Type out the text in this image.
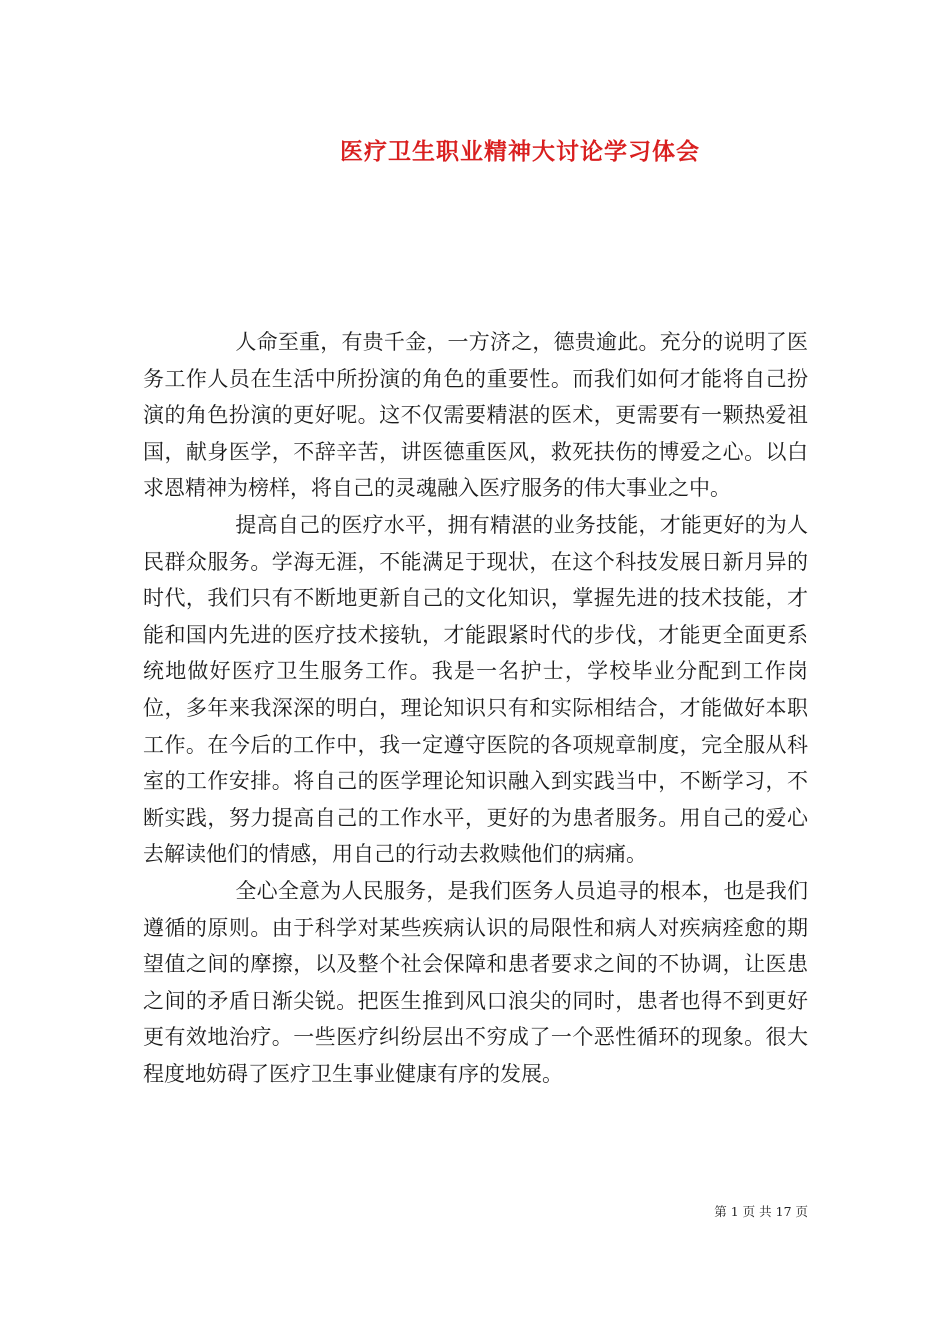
医疗卫生职业精神大讨论学习体会

人命至重，有贵千金，一方济之，德贵逾此。充分的说明了医务工作人员在生活中所扮演的角色的重要性。而我们如何才能将自己扮演的角色扮演的更好呢。这不仅需要精湛的医术，更需要有一颗热爱祖国，献身医学，不辞辛苦，讲医德重医风，救死扶伤的博爱之心。以白求恩精神为榜样，将自己的灵魂融入医疗服务的伟大事业之中。

提高自己的医疗水平，拥有精湛的业务技能，才能更好的为人民群众服务。学海无涯，不能满足于现状，在这个科技发展日新月异的时代，我们只有不断地更新自己的文化知识，掌握先进的技术技能，才能和国内先进的医疗技术接轨，才能跟紧时代的步伐，才能更全面更系统地做好医疗卫生服务工作。我是一名护士，学校毕业分配到工作岗位，多年来我深深的明白，理论知识只有和实际相结合，才能做好本职工作。在今后的工作中，我一定遵守医院的各项规章制度，完全服从科室的工作安排。将自己的医学理论知识融入到实践当中，不断学习，不断实践，努力提高自己的工作水平，更好的为患者服务。用自己的爱心去解读他们的情感，用自己的行动去救赎他们的病痛。

全心全意为人民服务，是我们医务人员追寻的根本，也是我们遵循的原则。由于科学对某些疾病认识的局限性和病人对疾病痊愈的期望值之间的摩擦，以及整个社会保障和患者要求之间的不协调，让医患之间的矛盾日渐尖锐。把医生推到风口浪尖的同时，患者也得不到更好更有效地治疗。一些医疗纠纷层出不穷成了一个恶性循环的现象。很大程度地妨碍了医疗卫生事业健康有序的发展。

第 1 页 共 17 页
